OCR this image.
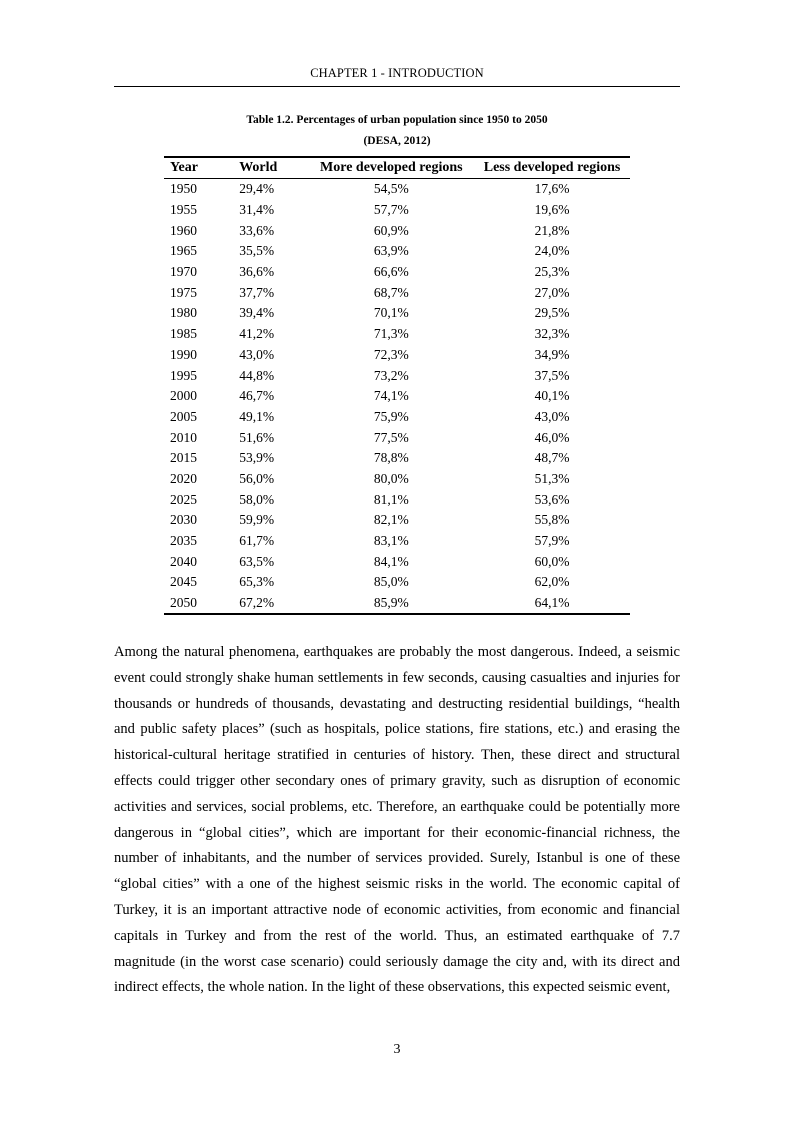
CHAPTER 1 - INTRODUCTION
Table 1.2. Percentages of urban population since 1950 to 2050
(DESA, 2012)
Year	World	More developed regions	Less developed regions
1950	29,4%	54,5%	17,6%
1955	31,4%	57,7%	19,6%
1960	33,6%	60,9%	21,8%
1965	35,5%	63,9%	24,0%
1970	36,6%	66,6%	25,3%
1975	37,7%	68,7%	27,0%
1980	39,4%	70,1%	29,5%
1985	41,2%	71,3%	32,3%
1990	43,0%	72,3%	34,9%
1995	44,8%	73,2%	37,5%
2000	46,7%	74,1%	40,1%
2005	49,1%	75,9%	43,0%
2010	51,6%	77,5%	46,0%
2015	53,9%	78,8%	48,7%
2020	56,0%	80,0%	51,3%
2025	58,0%	81,1%	53,6%
2030	59,9%	82,1%	55,8%
2035	61,7%	83,1%	57,9%
2040	63,5%	84,1%	60,0%
2045	65,3%	85,0%	62,0%
2050	67,2%	85,9%	64,1%

Among the natural phenomena, earthquakes are probably the most dangerous. Indeed, a seismic event could strongly shake human settlements in few seconds, causing casualties and injuries for thousands or hundreds of thousands, devastating and destructing residential buildings, “health and public safety places” (such as hospitals, police stations, fire stations, etc.) and erasing the historical-cultural heritage stratified in centuries of history. Then, these direct and structural effects could trigger other secondary ones of primary gravity, such as disruption of economic activities and services, social problems, etc. Therefore, an earthquake could be potentially more dangerous in “global cities”, which are important for their economic-financial richness, the number of inhabitants, and the number of services provided. Surely, Istanbul is one of these “global cities” with a one of the highest seismic risks in the world. The economic capital of Turkey, it is an important attractive node of economic activities, from economic and financial capitals in Turkey and from the rest of the world. Thus, an estimated earthquake of 7.7 magnitude (in the worst case scenario) could seriously damage the city and, with its direct and indirect effects, the whole nation. In the light of these observations, this expected seismic event,

3
